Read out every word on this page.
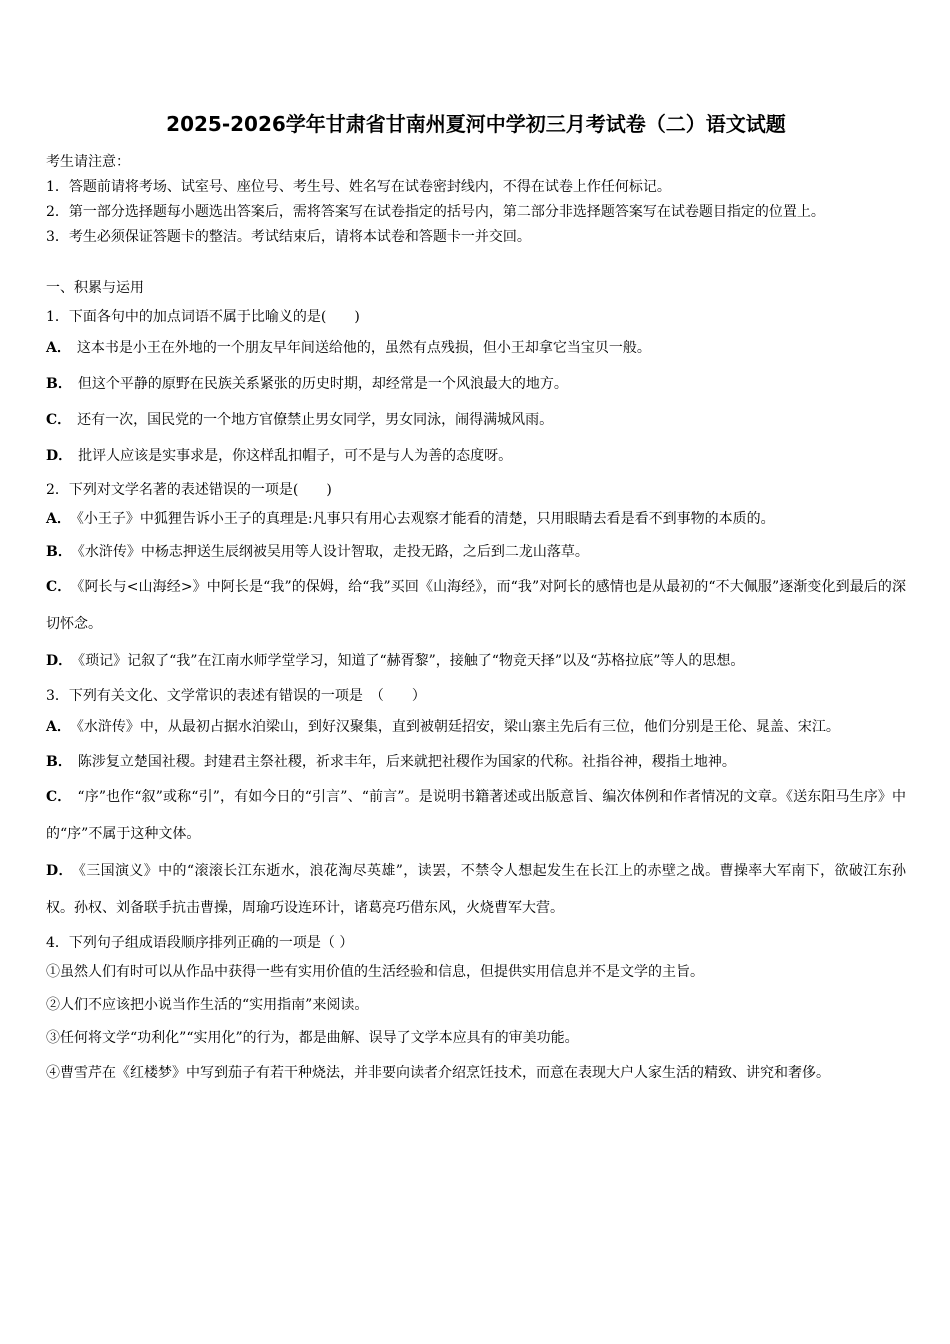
2025-2026学年甘肃省甘南州夏河中学初三月考试卷（二）语文试题
考生请注意：
1．答题前请将考场、试室号、座位号、考生号、姓名写在试卷密封线内，不得在试卷上作任何标记。
2．第一部分选择题每小题选出答案后，需将答案写在试卷指定的括号内，第二部分非选择题答案写在试卷题目指定的位置上。
3．考生必须保证答题卡的整洁。考试结束后，请将本试卷和答题卡一并交回。
一、积累与运用
1．下面各句中的加点词语不属于比喻义的是(　　)
A． 这本书是小王在外地的一个朋友早年间送给他的，虽然有点残损，但小王却拿它当宝贝一般。
B． 但这个平静的原野在民族关系紧张的历史时期，却经常是一个风浪最大的地方。
C． 还有一次，国民党的一个地方官僚禁止男女同学，男女同泳，闹得满城风雨。
D． 批评人应该是实事求是，你这样乱扣帽子，可不是与人为善的态度呀。
2．下列对文学名著的表述错误的一项是(　　)
A． 《小王子》中狐狸告诉小王子的真理是:凡事只有用心去观察才能看的清楚，只用眼睛去看是看不到事物的本质的。
B． 《水浒传》中杨志押送生辰纲被吴用等人设计智取，走投无路，之后到二龙山落草。
C． 《阿长与<山海经>》中阿长是“我”的保姆，给“我”买回《山海经》，而“我”对阿长的感情也是从最初的“不大佩服”逐渐变化到最后的深切怀念。
D． 《琐记》记叙了“我”在江南水师学堂学习，知道了“赫胥黎”，接触了“物竞天择”以及“苏格拉底”等人的思想。
3．下列有关文化、文学常识的表述有错误的一项是　（　　）
A． 《水浒传》中，从最初占据水泊梁山，到好汉聚集，直到被朝廷招安，梁山寨主先后有三位，他们分别是王伦、晁盖、宋江。
B． 陈涉复立楚国社稷。封建君主祭社稷，祈求丰年，后来就把社稷作为国家的代称。社指谷神，稷指土地神。
C． “序”也作“叙”或称“引”，有如今日的“引言”、“前言”。是说明书籍著述或出版意旨、编次体例和作者情况的文章。《送东阳马生序》中的“序”不属于这种文体。
D． 《三国演义》中的“滚滚长江东逝水，浪花淘尽英雄”，读罢，不禁令人想起发生在长江上的赤壁之战。曹操率大军南下，欲破江东孙权。孙权、刘备联手抗击曹操，周瑜巧设连环计，诸葛亮巧借东风，火烧曹军大营。
4．下列句子组成语段顺序排列正确的一项是（ ）
①虽然人们有时可以从作品中获得一些有实用价值的生活经验和信息，但提供实用信息并不是文学的主旨。
②人们不应该把小说当作生活的“实用指南”来阅读。
③任何将文学“功利化”“实用化”的行为，都是曲解、误导了文学本应具有的审美功能。
④曹雪芹在《红楼梦》中写到茄子有若干种烧法，并非要向读者介绍烹饪技术，而意在表现大户人家生活的精致、讲究和奢侈。
